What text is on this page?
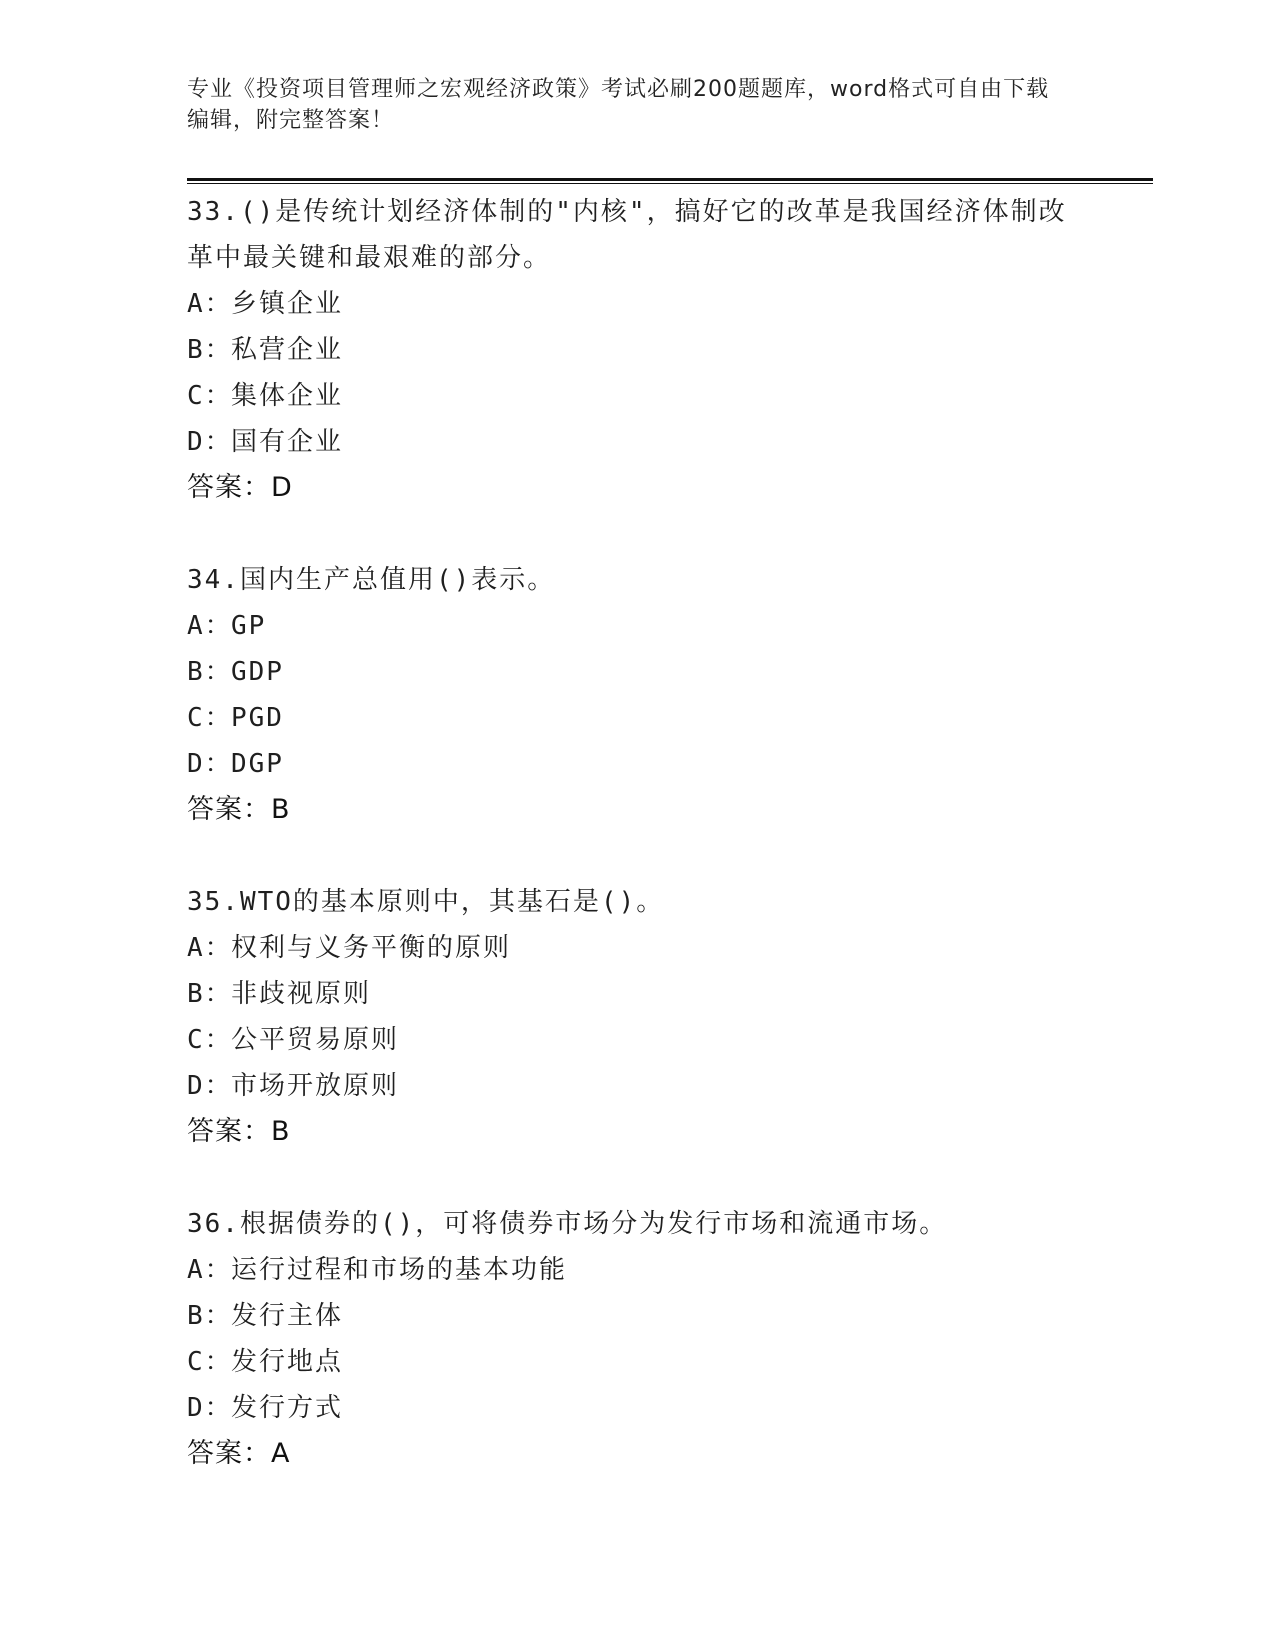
专业《投资项目管理师之宏观经济政策》考试必刷200题题库，word格式可自由下载编辑，附完整答案！
33.()是传统计划经济体制的"内核"，搞好它的改革是我国经济体制改革中最关键和最艰难的部分。
A：乡镇企业
B：私营企业
C：集体企业
D：国有企业
答案：D
34.国内生产总值用()表示。
A：GP
B：GDP
C：PGD
D：DGP
答案：B
35.WTO的基本原则中，其基石是()。
A：权利与义务平衡的原则
B：非歧视原则
C：公平贸易原则
D：市场开放原则
答案：B
36.根据债券的()，可将债券市场分为发行市场和流通市场。
A：运行过程和市场的基本功能
B：发行主体
C：发行地点
D：发行方式
答案：A
